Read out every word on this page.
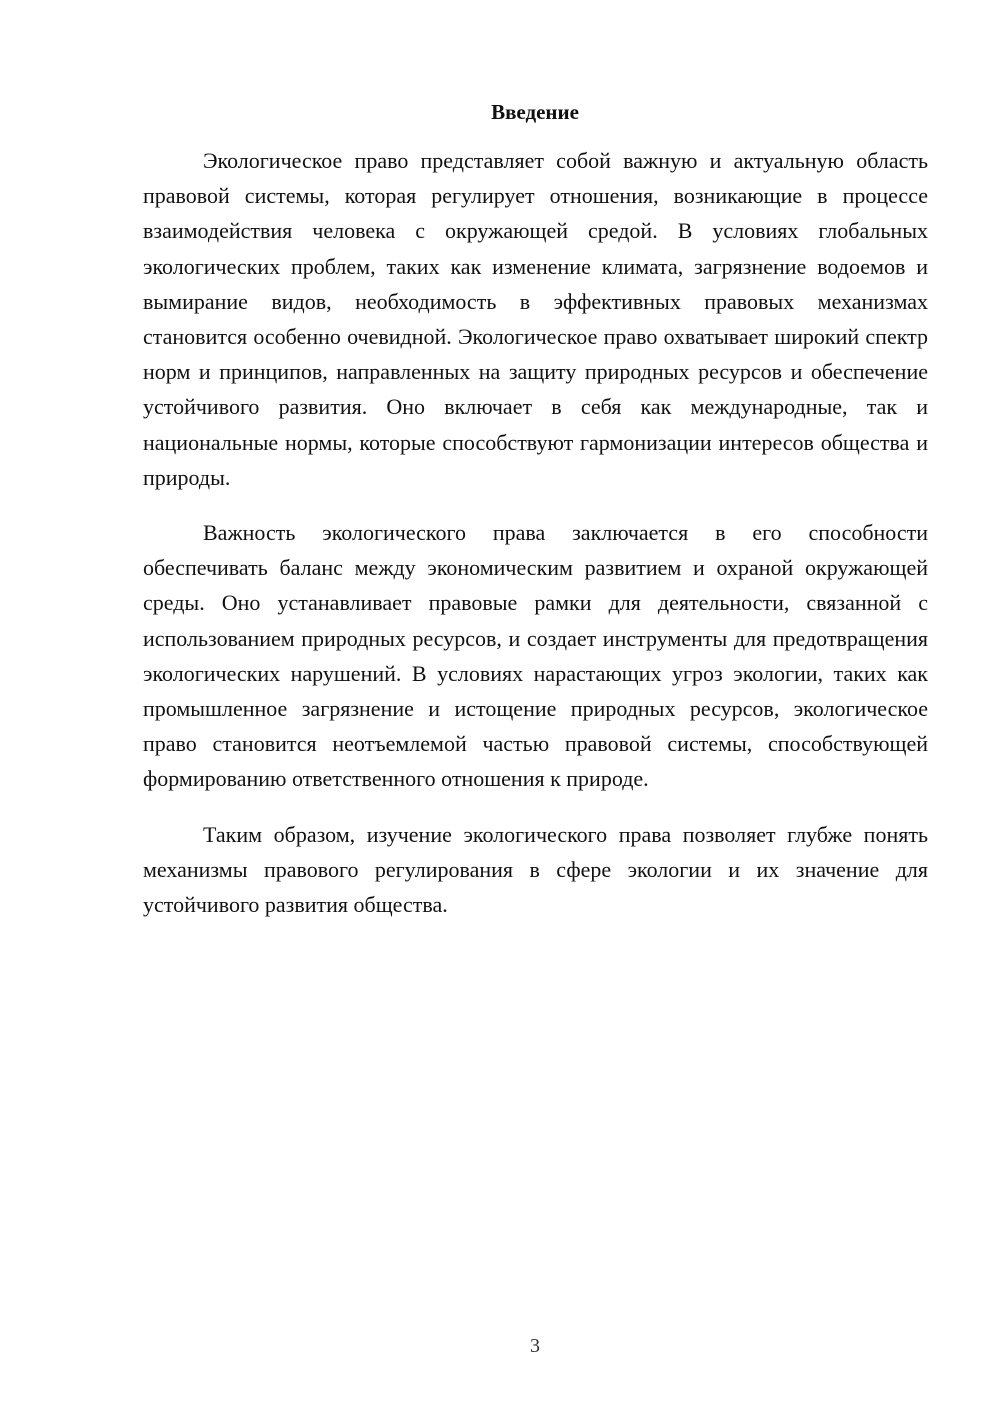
Введение

Экологическое право представляет собой важную и актуальную область правовой системы, которая регулирует отношения, возникающие в процессе взаимодействия человека с окружающей средой. В условиях глобальных экологических проблем, таких как изменение климата, загрязнение водоемов и вымирание видов, необходимость в эффективных правовых механизмах становится особенно очевидной. Экологическое право охватывает широкий спектр норм и принципов, направленных на защиту природных ресурсов и обеспечение устойчивого развития. Оно включает в себя как международные, так и национальные нормы, которые способствуют гармонизации интересов общества и природы.

Важность экологического права заключается в его способности обеспечивать баланс между экономическим развитием и охраной окружающей среды. Оно устанавливает правовые рамки для деятельности, связанной с использованием природных ресурсов, и создает инструменты для предотвращения экологических нарушений. В условиях нарастающих угроз экологии, таких как промышленное загрязнение и истощение природных ресурсов, экологическое право становится неотъемлемой частью правовой системы, способствующей формированию ответственного отношения к природе.

Таким образом, изучение экологического права позволяет глубже понять механизмы правового регулирования в сфере экологии и их значение для устойчивого развития общества.

3
